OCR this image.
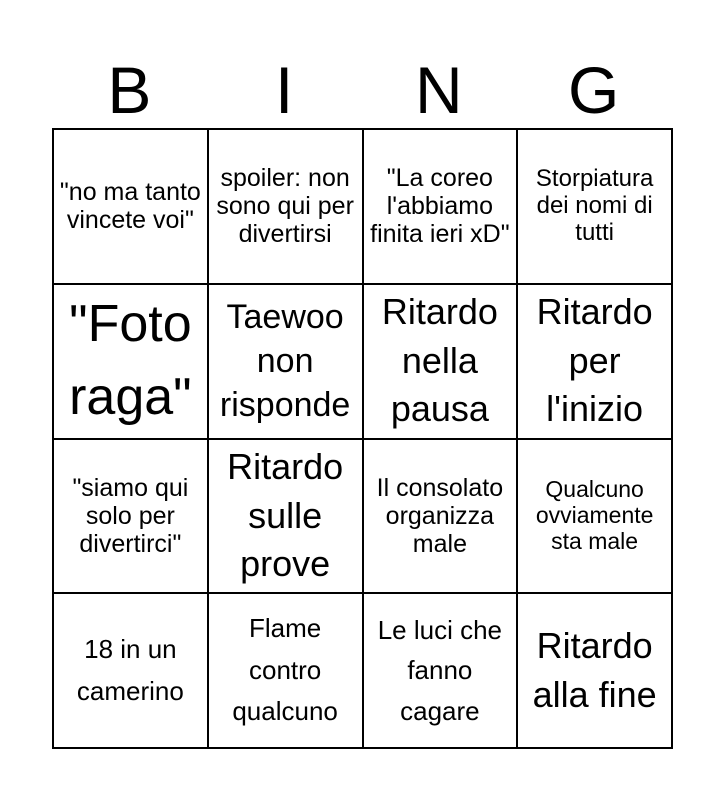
B	I	N	G
"no ma tanto vincete voi"	spoiler: non sono qui per divertirsi	"La coreo l'abbiamo finita ieri xD"	Storpiatura dei nomi di tutti
"Foto raga"	Taewoo non risponde	Ritardo nella pausa	Ritardo per l'inizio
"siamo qui solo per divertirci"	Ritardo sulle prove	Il consolato organizza male	Qualcuno ovviamente sta male
18 in un camerino	Flame contro qualcuno	Le luci che fanno cagare	Ritardo alla fine
